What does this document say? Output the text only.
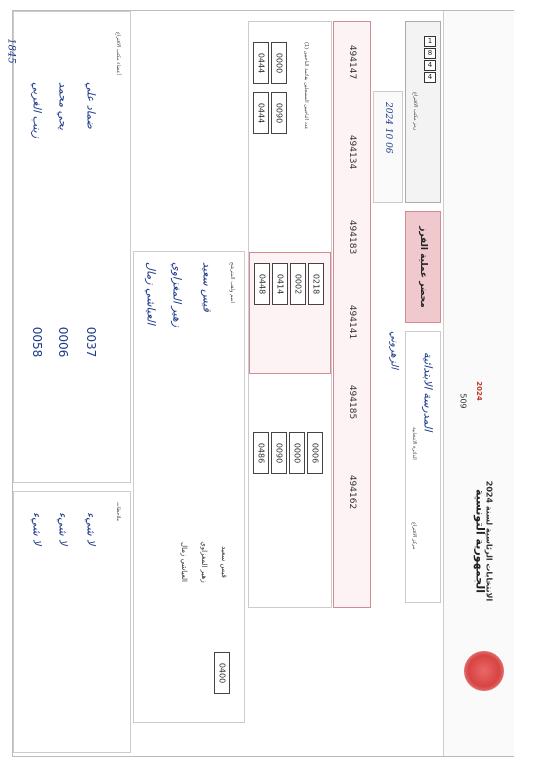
الجمهورية التونسية
الانتخابات الرئاسية لسنة 2024
2024
509
محضر عملية الفرز
رمز مكتب الاقتراع
1
8
4
4
مركز الاقتراع
المدرسة الابتدائية
الدائرة الانتخابية
الزهروني
2024 10 06
494147
494134
494183
494141
494185
494162
(1) عدد الناخبين المسجلين بقائمة الناخبين
0444 0000
0444 0090
0448 0414 0002 0218
0486 0090 0000 0006
اسم ولقب المترشح
قيس سعيد
زهير المغزاوي
العياشي زمال
قيس سعيد
زهير المغزاوي
العياشي زمال
0400
أعضاء مكتب الاقتراع
ضماد علي
يحي محمد
زينب الغربي
0037
0006
0058
ملاحظات
لا شيء
لا شيء
لا شيء
1845
